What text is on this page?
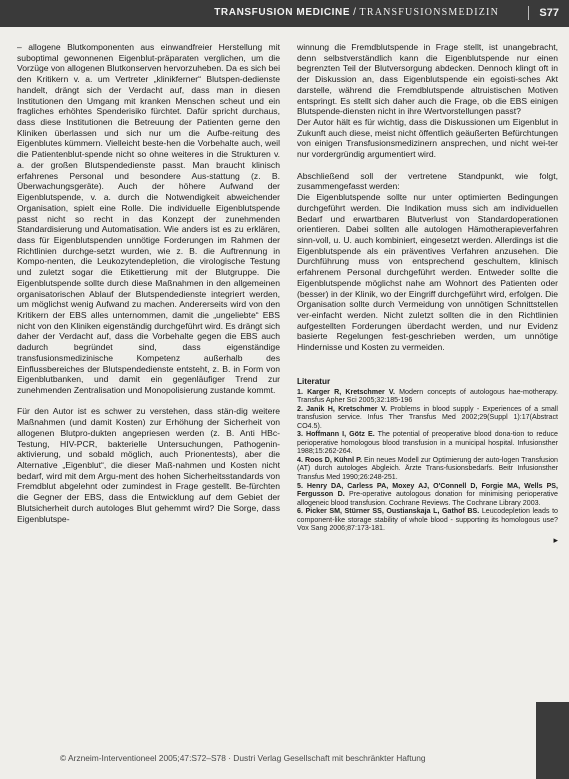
TRANSFUSION MEDICINE / TRANSFUSIONSMEDIZIN	S77

– allogene Blutkomponenten aus einwandfreier Herstellung mit suboptimal gewonnenen Eigenblut-präparaten verglichen, um die Vorzüge von allogenen Blutkonserven hervorzuheben. Da es sich bei den Kritikern v. a. um Vertreter „klinikferner“ Blutspen-dedienste handelt, drängt sich der Verdacht auf, dass man in diesen Institutionen den Umgang mit kranken Menschen scheut und ein fragliches erhöhtes Spenderisiko fürchtet. Dafür spricht durchaus, dass diese Institutionen die Betreuung der Patienten gerne den Kliniken überlassen und sich nur um die Aufbe-reitung des Eigenblutes kümmern. Vielleicht beste-hen die Vorbehalte auch, weil die Patientenblut-spende nicht so ohne weiteres in die Strukturen v. a. der großen Blutspendedienste passt. Man braucht klinisch erfahrenes Personal und besondere Aus-stattung (z. B. Überwachungsgeräte). Auch der höhere Aufwand der Eigenblutspende, v. a. durch die Notwendigkeit abweichender Organisation, spielt eine Rolle. Die individuelle Eigenblutspende passt nicht so recht in das Konzept der zunehmenden Standardisierung und Automatisation. Wie anders ist es zu erklären, dass für Eigenblutspenden unnötige Forderungen im Rahmen der Richtlinien durchge-setzt wurden, wie z. B. die Auftrennung in Kompo-nenten, die Leukozytendepletion, die virologische Testung und zuletzt sogar die Etikettierung mit der Blutgruppe. Die Eigenblutspende sollte durch diese Maßnahmen in den allgemeinen organisatorischen Ablauf der Blutspendedienste integriert werden, um möglichst wenig Aufwand zu machen. Andererseits wird von den Kritikern der EBS alles unternommen, damit die „ungeliebte“ EBS nicht von den Kliniken eigenständig durchgeführt wird. Es drängt sich daher der Verdacht auf, dass die Vorbehalte gegen die EBS auch dadurch begründet sind, dass eigenständige transfusionsmedizinische Kompetenz außerhalb des Einflussbereiches der Blutspendedienste entsteht, z. B. in Form von Eigenblutbanken, und damit ein gegenläufiger Trend zur zunehmenden Zentralisation und Monopolisierung zustande kommt.

Für den Autor ist es schwer zu verstehen, dass stän-dig weitere Maßnahmen (und damit Kosten) zur Erhöhung der Sicherheit von allogenen Blutpro-dukten angepriesen werden (z. B. Anti HBc-Testung, HIV-PCR, bakterielle Untersuchungen, Pathogenin-aktivierung, und sobald möglich, auch Prionentests), aber die Alternative „Eigenblut“, die dieser Maß-nahmen und Kosten nicht bedarf, wird mit dem Argu-ment des hohen Sicherheitsstandards von Fremdblut abgelehnt oder zumindest in Frage gestellt. Be-fürchten die Gegner der EBS, dass die Entwicklung auf dem Gebiet der Blutsicherheit durch autologes Blut gehemmt wird? Die Sorge, dass Eigenblutspe-

winnung die Fremdblutspende in Frage stellt, ist unangebracht, denn selbstverständlich kann die Eigenblutspende nur einen begrenzten Teil der Blutversorgung abdecken. Dennoch klingt oft in der Diskussion an, dass Eigenblutspende ein egoisti-sches Akt darstelle, während die Fremdblutspende altruistischen Motiven entspringt. Es stellt sich daher auch die Frage, ob die EBS einigen Blutspende-diensten nicht in ihre Wertvorstellungen passt?

Der Autor hält es für wichtig, dass die Diskussionen um Eigenblut in Zukunft auch diese, meist nicht öffentlich geäußerten Befürchtungen von einigen Transfusionsmedizinern ansprechen, und nicht wei-ter nur vordergründig argumentiert wird.

Abschließend soll der vertretene Standpunkt, wie folgt, zusammengefasst werden:

Die Eigenblutspende sollte nur unter optimierten Bedingungen durchgeführt werden. Die Indikation muss sich am individuellen Bedarf und erwartbaren Blutverlust von Standardoperationen orientieren. Dabei sollten alle autologen Hämotherapieverfahren sinn-voll, u. U. auch kombiniert, eingesetzt werden. Allerdings ist die Eigenblutspende als ein präventives Verfahren anzusehen. Die Durchführung muss von entsprechend geschultem, klinisch erfahrenem Personal durchgeführt werden. Entweder sollte die Eigenblutspende möglichst nahe am Wohnort des Patienten oder (besser) in der Klinik, wo der Eingriff durchgeführt wird, erfolgen. Die Organisation sollte durch Vermeidung von unnötigen Schnittstellen ver-einfacht werden. Nicht zuletzt sollten die in den Richtlinien aufgestellten Forderungen überdacht werden, und nur Evidenz basierte Regelungen fest-geschrieben werden, um unnötige Hindernisse und Kosten zu vermeiden.

Literatur
1. Karger R, Kretschmer V. Modern concepts of autologous hae-motherapy. Transfus Apher Sci 2005;32:185-196
2. Janik H, Kretschmer V. Problems in blood supply - Experiences of a small transfusion service. Infus Ther Transfus Med 2002;29(Suppl 1):17(Abstract CO4.5).
3. Hoffmann I, Götz E. The potential of preoperative blood dona-tion to reduce perioperative homologous blood transfusion in a municipal hospital. Infusionsther 1988;15:262-264.
4. Roos D, Kühnl P. Ein neues Modell zur Optimierung der auto-logen Transfusion (AT) durch autologes Abgleich. Ärzte Trans-fusionsbedarfs. Beitr Infusionsther Transfus Med 1990;26:248-251.
5. Henry DA, Carless PA, Moxey AJ, O'Connell D, Forgie MA, Wells PS, Fergusson D. Pre-operative autologous donation for minimising perioperative allogeneic blood transfusion. Cochrane Reviews. The Cochrane Library 2003.
6. Picker SM, Stürner SS, Oustianskaja L, Gathof BS. Leucodepletion leads to component-like storage stability of whole blood - supporting its homologous use? Vox Sang 2006;87:173-181.
▸
© Arzneim-Interventioneel 2005;47:S72–S78 · Dustri Verlag Gesellschaft mit beschränkter Haftung
